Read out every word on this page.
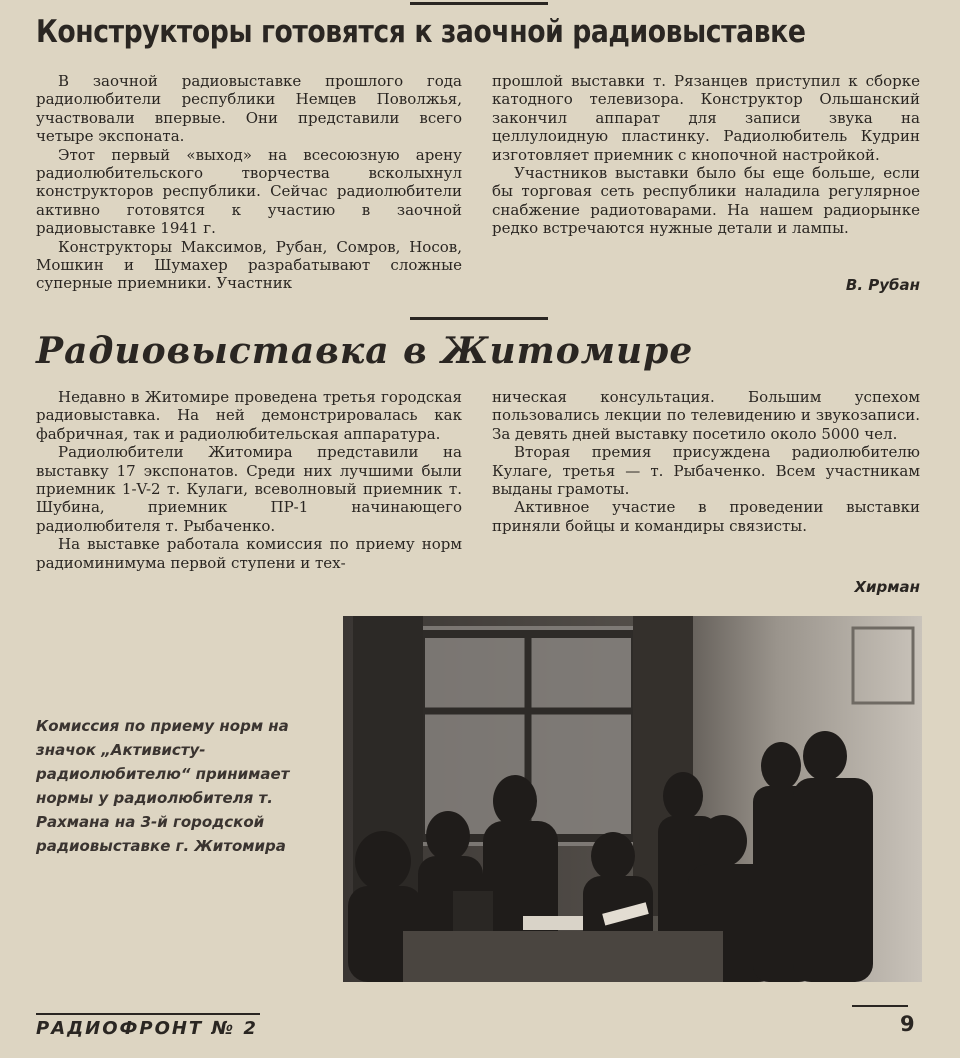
Конструкторы готовятся к заочной радиовыставке

В заочной радиовыставке прошлого года радиолюбители республики Немцев Поволжья, участвовали впервые. Они представили всего четыре экспоната.

Этот первый «выход» на всесоюзную арену радиолюбительского творчества всколыхнул конструкторов республики. Сейчас радиолюбители активно готовятся к участию в заочной радиовыставке 1941 г.

Конструкторы Максимов, Рубан, Сомров, Носов, Мошкин и Шумахер разрабатывают сложные суперные приемники. Участник

прошлой выставки т. Рязанцев приступил к сборке катодного телевизора. Конструктор Ольшанский закончил аппарат для записи звука на целлулоидную пластинку. Радиолюбитель Кудрин изготовляет приемник с кнопочной настройкой.

Участников выставки было бы еще больше, если бы торговая сеть республики наладила регулярное снабжение радиотоварами. На нашем радиорынке редко встречаются нужные детали и лампы.

В. Рубан
Радиовыставка в Житомире

Недавно в Житомире проведена третья городская радиовыставка. На ней демонстрировалась как фабричная, так и радиолюбительская аппаратура.

Радиолюбители Житомира представили на выставку 17 экспонатов. Среди них лучшими были приемник 1-V-2 т. Кулаги, всеволновый приемник т. Шубина, приемник ПР-1 начинающего радиолюбителя т. Рыбаченко.

На выставке работала комиссия по приему норм радиоминимума первой ступени и тех-

ническая консультация. Большим успехом пользовались лекции по телевидению и звукозаписи. За девять дней выставку посетило около 5000 чел.

Вторая премия присуждена радиолюбителю Кулаге, третья — т. Рыбаченко. Всем участникам выданы грамоты.

Активное участие в проведении выставки приняли бойцы и командиры связисты.

Хирман
Комиссия по приему норм на значок „Активисту-радиолюбителю“ принимает нормы у радиолюбителя т. Рахмана на 3-й городской радиовыставке г. Житомира
РАДИОФРОНТ № 2	9
